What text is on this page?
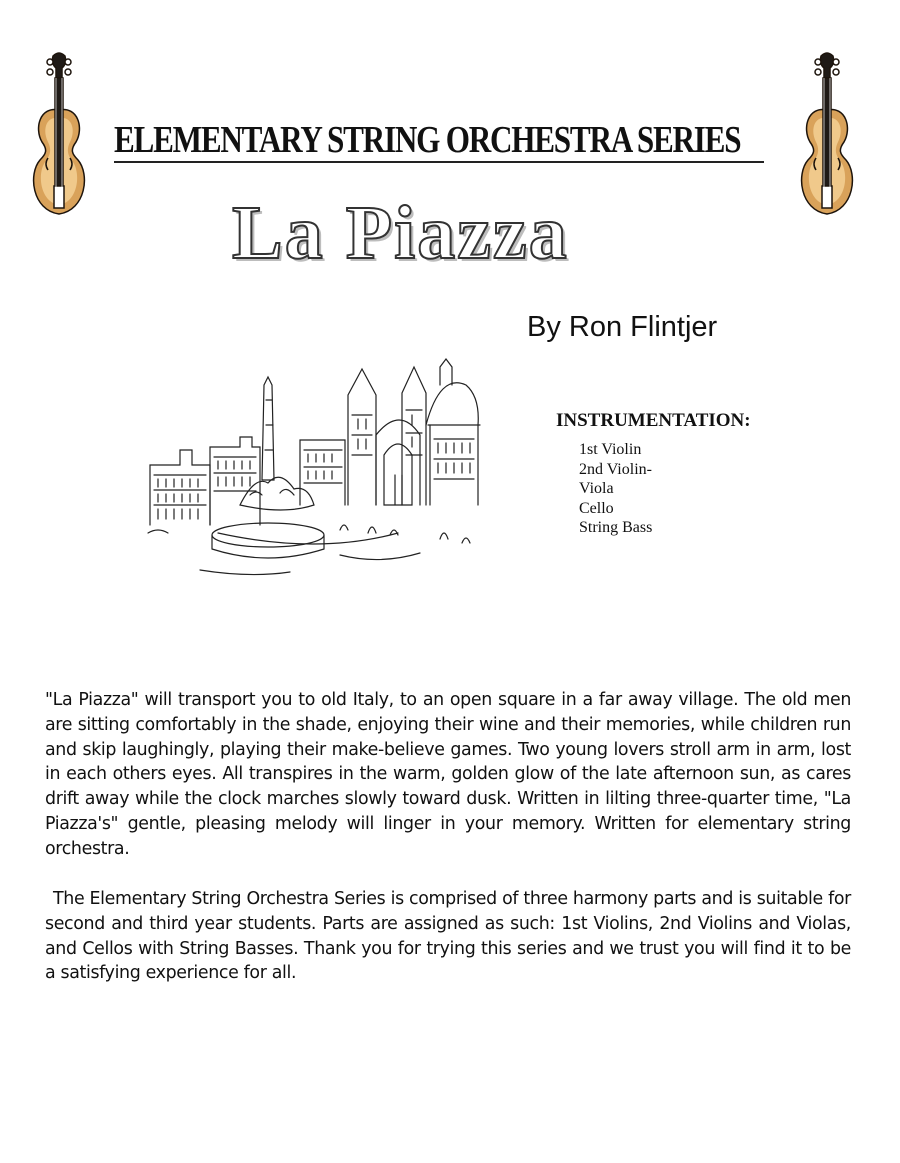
ELEMENTARY STRING ORCHESTRA SERIES
La Piazza
By Ron Flintjer
INSTRUMENTATION:
1st Violin
2nd Violin-
Viola
Cello
String Bass

"La Piazza" will transport you to old Italy, to an open square in a far away village. The old men are sitting comfortably in the shade, enjoying their wine and their memories, while children run and skip laughingly, playing their make-believe games. Two young lovers stroll arm in arm, lost in each others eyes. All transpires in the warm, golden glow of the late afternoon sun, as cares drift away while the clock marches slowly toward dusk. Written in lilting three-quarter time, "La Piazza's" gentle, pleasing melody will linger in your memory. Written for elementary string orchestra.

The Elementary String Orchestra Series is comprised of three harmony parts and is suitable for second and third year students. Parts are assigned as such: 1st Violins, 2nd Violins and Violas, and Cellos with String Basses. Thank you for trying this series and we trust you will find it to be a satisfying experience for all.
